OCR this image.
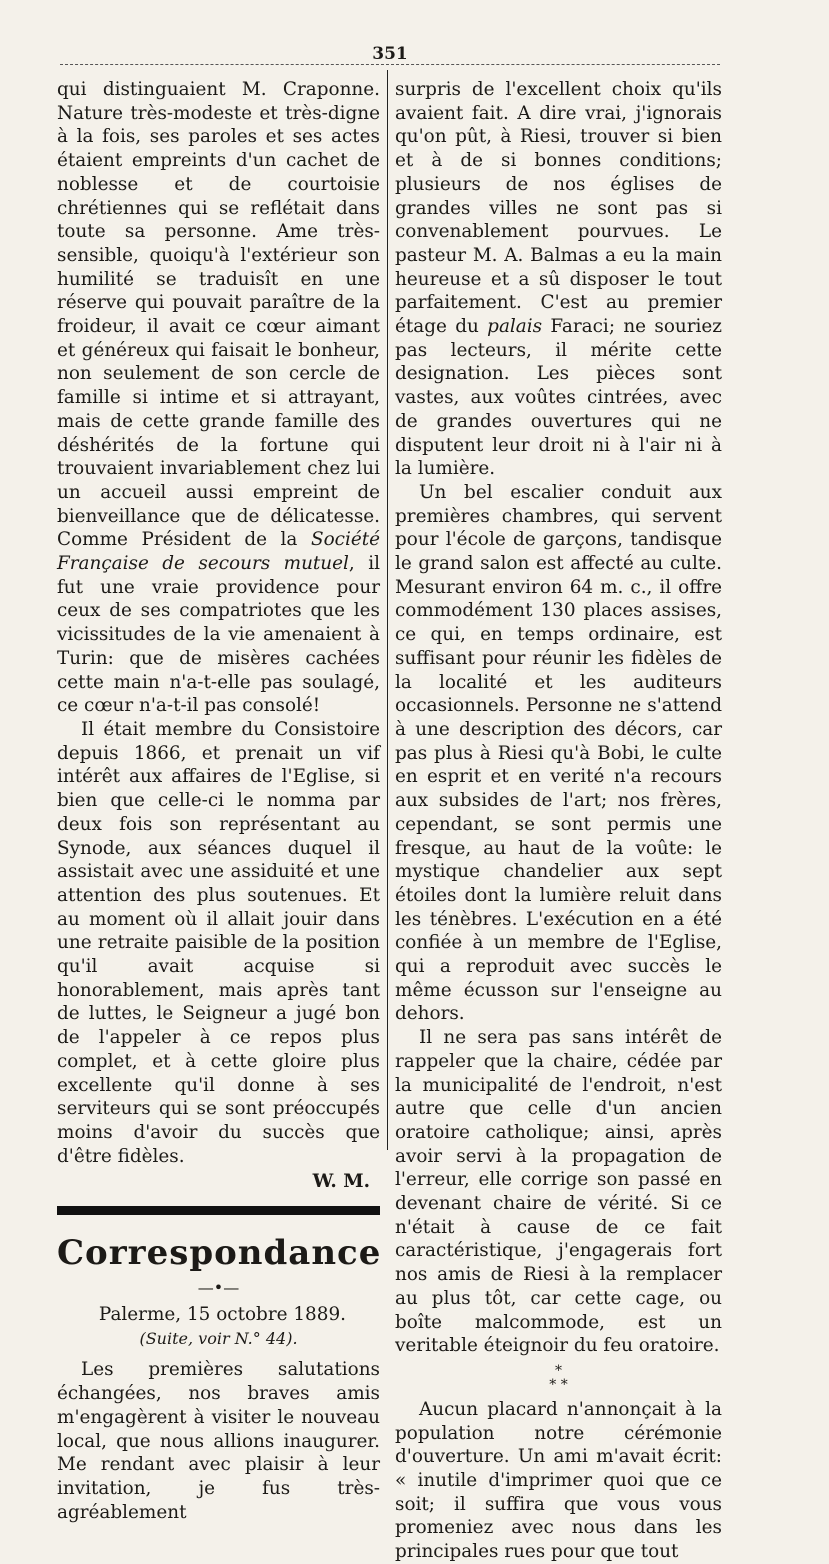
351

qui distinguaient M. Craponne. Nature très-modeste et très-digne à la fois, ses paroles et ses actes étaient empreints d'un cachet de noblesse et de courtoisie chrétiennes qui se reflétait dans toute sa personne. Ame très-sensible, quoiqu'à l'extérieur son humilité se traduisît en une réserve qui pouvait paraître de la froideur, il avait ce cœur aimant et généreux qui faisait le bonheur, non seulement de son cercle de famille si intime et si attrayant, mais de cette grande famille des déshérités de la fortune qui trouvaient invariablement chez lui un accueil aussi empreint de bienveillance que de délicatesse. Comme Président de la Société Française de secours mutuel, il fut une vraie providence pour ceux de ses compatriotes que les vicissitudes de la vie amenaient à Turin: que de misères cachées cette main n'a-t-elle pas soulagé, ce cœur n'a-t-il pas consolé!

Il était membre du Consistoire depuis 1866, et prenait un vif intérêt aux affaires de l'Eglise, si bien que celle-ci le nomma par deux fois son représentant au Synode, aux séances duquel il assistait avec une assiduité et une attention des plus soutenues. Et au moment où il allait jouir dans une retraite paisible de la position qu'il avait acquise si honorablement, mais après tant de luttes, le Seigneur a jugé bon de l'appeler à ce repos plus complet, et à cette gloire plus excellente qu'il donne à ses serviteurs qui se sont préoccupés moins d'avoir du succès que d'être fidèles.

W. M.

Correspondance

—•—

Palerme, 15 octobre 1889.

(Suite, voir N.° 44).

Les premières salutations échangées, nos braves amis m'engagèrent à visiter le nouveau local, que nous allions inaugurer. Me rendant avec plaisir à leur invitation, je fus très-agréablement

surpris de l'excellent choix qu'ils avaient fait. A dire vrai, j'ignorais qu'on pût, à Riesi, trouver si bien et à de si bonnes conditions; plusieurs de nos églises de grandes villes ne sont pas si convenablement pourvues. Le pasteur M. A. Balmas a eu la main heureuse et a sû disposer le tout parfaitement. C'est au premier étage du palais Faraci; ne souriez pas lecteurs, il mérite cette designation. Les pièces sont vastes, aux voûtes cintrées, avec de grandes ouvertures qui ne disputent leur droit ni à l'air ni à la lumière.

Un bel escalier conduit aux premières chambres, qui servent pour l'école de garçons, tandisque le grand salon est affecté au culte. Mesurant environ 64 m. c., il offre commodément 130 places assises, ce qui, en temps ordinaire, est suffisant pour réunir les fidèles de la localité et les auditeurs occasionnels. Personne ne s'attend à une description des décors, car pas plus à Riesi qu'à Bobi, le culte en esprit et en verité n'a recours aux subsides de l'art; nos frères, cependant, se sont permis une fresque, au haut de la voûte: le mystique chandelier aux sept étoiles dont la lumière reluit dans les ténèbres. L'exécution en a été confiée à un membre de l'Eglise, qui a reproduit avec succès le même écusson sur l'enseigne au dehors.

Il ne sera pas sans intérêt de rappeler que la chaire, cédée par la municipalité de l'endroit, n'est autre que celle d'un ancien oratoire catholique; ainsi, après avoir servi à la propagation de l'erreur, elle corrige son passé en devenant chaire de vérité. Si ce n'était à cause de ce fait caractéristique, j'engagerais fort nos amis de Riesi à la remplacer au plus tôt, car cette cage, ou boîte malcommode, est un veritable éteignoir du feu oratoire.

*
* *

Aucun placard n'annonçait à la population notre cérémonie d'ouverture. Un ami m'avait écrit: « inutile d'imprimer quoi que ce soit; il suffira que vous vous promeniez avec nous dans les principales rues pour que tout
